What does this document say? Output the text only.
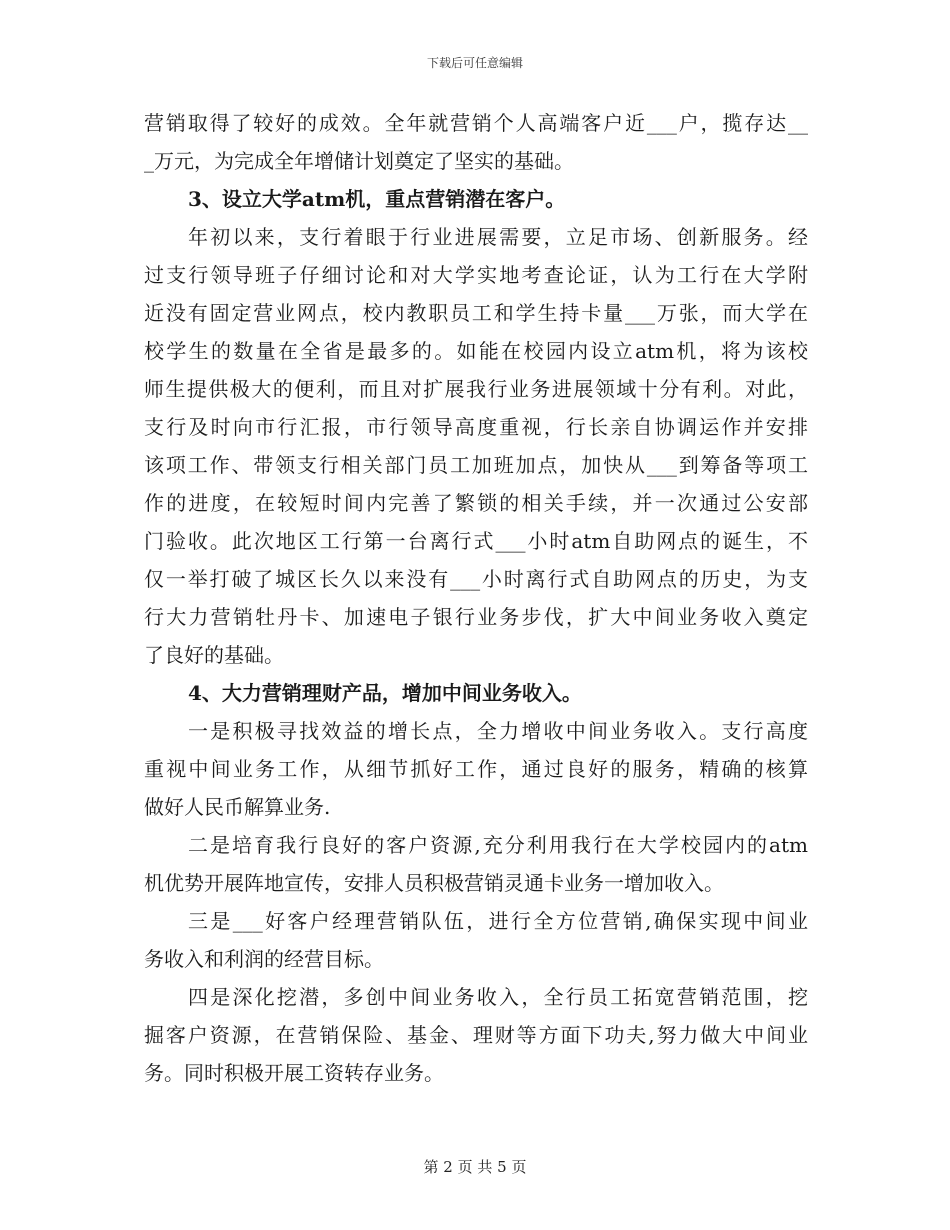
下载后可任意编辑
营销取得了较好的成效。全年就营销个人高端客户近___户，揽存达__
_万元，为完成全年增储计划奠定了坚实的基础。
3、设立大学atm机，重点营销潜在客户。
年初以来，支行着眼于行业进展需要，立足市场、创新服务。经
过支行领导班子仔细讨论和对大学实地考查论证，认为工行在大学附
近没有固定营业网点，校内教职员工和学生持卡量___万张，而大学在
校学生的数量在全省是最多的。如能在校园内设立atm机，将为该校
师生提供极大的便利，而且对扩展我行业务进展领域十分有利。对此，
支行及时向市行汇报，市行领导高度重视，行长亲自协调运作并安排
该项工作、带领支行相关部门员工加班加点，加快从___到筹备等项工
作的进度，在较短时间内完善了繁锁的相关手续，并一次通过公安部
门验收。此次地区工行第一台离行式___小时atm自助网点的诞生，不
仅一举打破了城区长久以来没有___小时离行式自助网点的历史，为支
行大力营销牡丹卡、加速电子银行业务步伐，扩大中间业务收入奠定
了良好的基础。
4、大力营销理财产品，增加中间业务收入。
一是积极寻找效益的增长点，全力增收中间业务收入。支行高度
重视中间业务工作，从细节抓好工作，通过良好的服务，精确的核算
做好人民币解算业务.
二是培育我行良好的客户资源,充分利用我行在大学校园内的atm
机优势开展阵地宣传，安排人员积极营销灵通卡业务一增加收入。
三是___好客户经理营销队伍，进行全方位营销,确保实现中间业
务收入和利润的经营目标。
四是深化挖潜，多创中间业务收入，全行员工拓宽营销范围，挖
掘客户资源，在营销保险、基金、理财等方面下功夫,努力做大中间业
务。同时积极开展工资转存业务。
第 2 页 共 5 页
